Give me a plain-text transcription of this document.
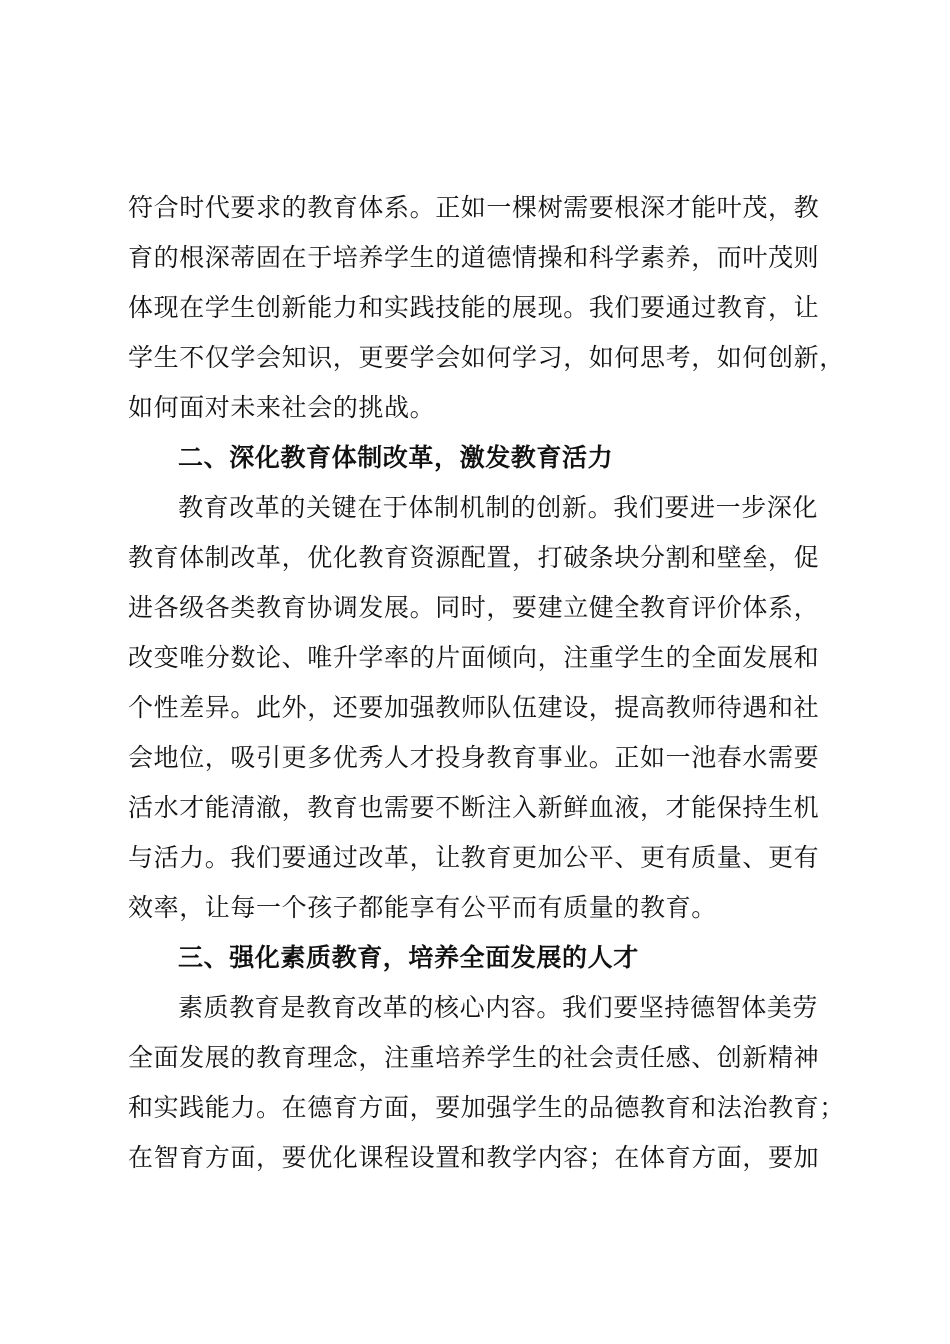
符合时代要求的教育体系。正如一棵树需要根深才能叶茂，教
育的根深蒂固在于培养学生的道德情操和科学素养，而叶茂则
体现在学生创新能力和实践技能的展现。我们要通过教育，让
学生不仅学会知识，更要学会如何学习，如何思考，如何创新，
如何面对未来社会的挑战。
二、深化教育体制改革，激发教育活力
教育改革的关键在于体制机制的创新。我们要进一步深化
教育体制改革，优化教育资源配置，打破条块分割和壁垒，促
进各级各类教育协调发展。同时，要建立健全教育评价体系，
改变唯分数论、唯升学率的片面倾向，注重学生的全面发展和
个性差异。此外，还要加强教师队伍建设，提高教师待遇和社
会地位，吸引更多优秀人才投身教育事业。正如一池春水需要
活水才能清澈，教育也需要不断注入新鲜血液，才能保持生机
与活力。我们要通过改革，让教育更加公平、更有质量、更有
效率，让每一个孩子都能享有公平而有质量的教育。
三、强化素质教育，培养全面发展的人才
素质教育是教育改革的核心内容。我们要坚持德智体美劳
全面发展的教育理念，注重培养学生的社会责任感、创新精神
和实践能力。在德育方面，要加强学生的品德教育和法治教育；
在智育方面，要优化课程设置和教学内容；在体育方面，要加
